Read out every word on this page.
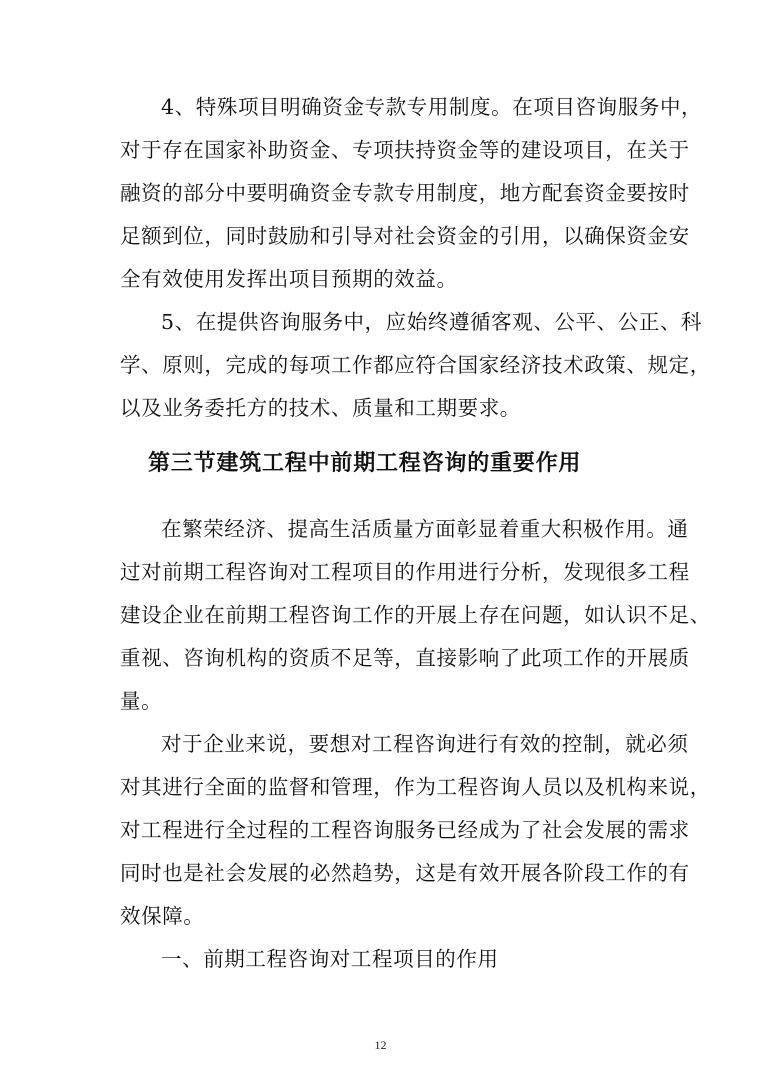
4、特殊项目明确资金专款专用制度。在项目咨询服务中，
对于存在国家补助资金、专项扶持资金等的建设项目，在关于
融资的部分中要明确资金专款专用制度，地方配套资金要按时
足额到位，同时鼓励和引导对社会资金的引用，以确保资金安
全有效使用发挥出项目预期的效益。
5、在提供咨询服务中，应始终遵循客观、公平、公正、科
学、原则，完成的每项工作都应符合国家经济技术政策、规定，
以及业务委托方的技术、质量和工期要求。
第三节建筑工程中前期工程咨询的重要作用
在繁荣经济、提高生活质量方面彰显着重大积极作用。通
过对前期工程咨询对工程项目的作用进行分析，发现很多工程
建设企业在前期工程咨询工作的开展上存在问题，如认识不足、
重视、咨询机构的资质不足等，直接影响了此项工作的开展质
量。
对于企业来说，要想对工程咨询进行有效的控制，就必须
对其进行全面的监督和管理，作为工程咨询人员以及机构来说，
对工程进行全过程的工程咨询服务已经成为了社会发展的需求
同时也是社会发展的必然趋势，这是有效开展各阶段工作的有
效保障。
一、前期工程咨询对工程项目的作用
12
